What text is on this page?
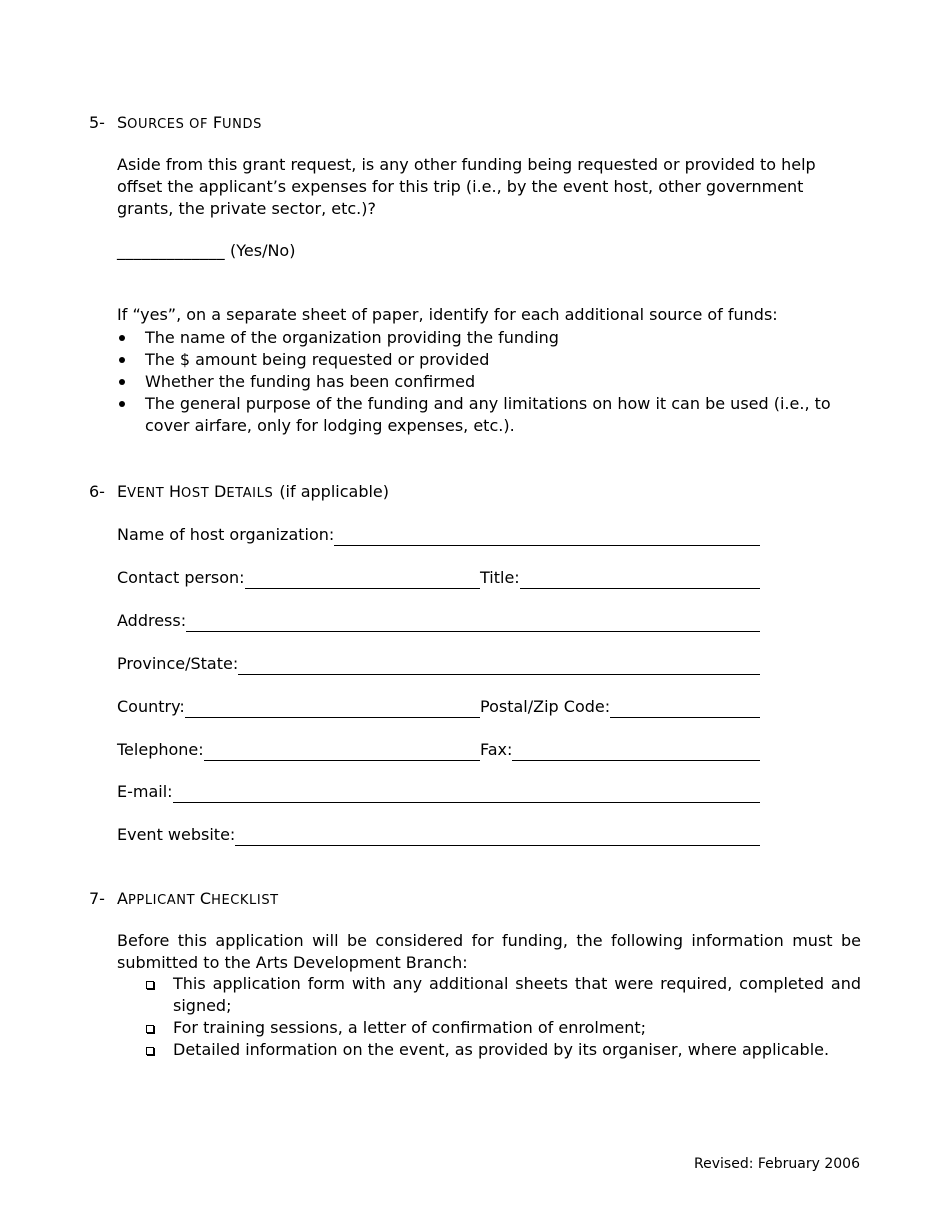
5- SOURCES OF FUNDS

Aside from this grant request, is any other funding being requested or provided to help offset the applicant’s expenses for this trip (i.e., by the event host, other government grants, the private sector, etc.)?

_____________ (Yes/No)

If “yes”, on a separate sheet of paper, identify for each additional source of funds:

The name of the organization providing the funding
The $ amount being requested or provided
Whether the funding has been confirmed
The general purpose of the funding and any limitations on how it can be used (i.e., to cover airfare, only for lodging expenses, etc.).
6- EVENT HOST DETAILS (if applicable)
Name of host organization:
Contact person:	Title:
Address:
Province/State:
Country:	Postal/Zip Code:
Telephone:	Fax:
E-mail:
Event website:
7- APPLICANT CHECKLIST
Before this application will be considered for funding, the following information must be submitted to the Arts Development Branch:
This application form with any additional sheets that were required, completed and signed;
For training sessions, a letter of confirmation of enrolment;
Detailed information on the event, as provided by its organiser, where applicable.
Revised: February 2006
